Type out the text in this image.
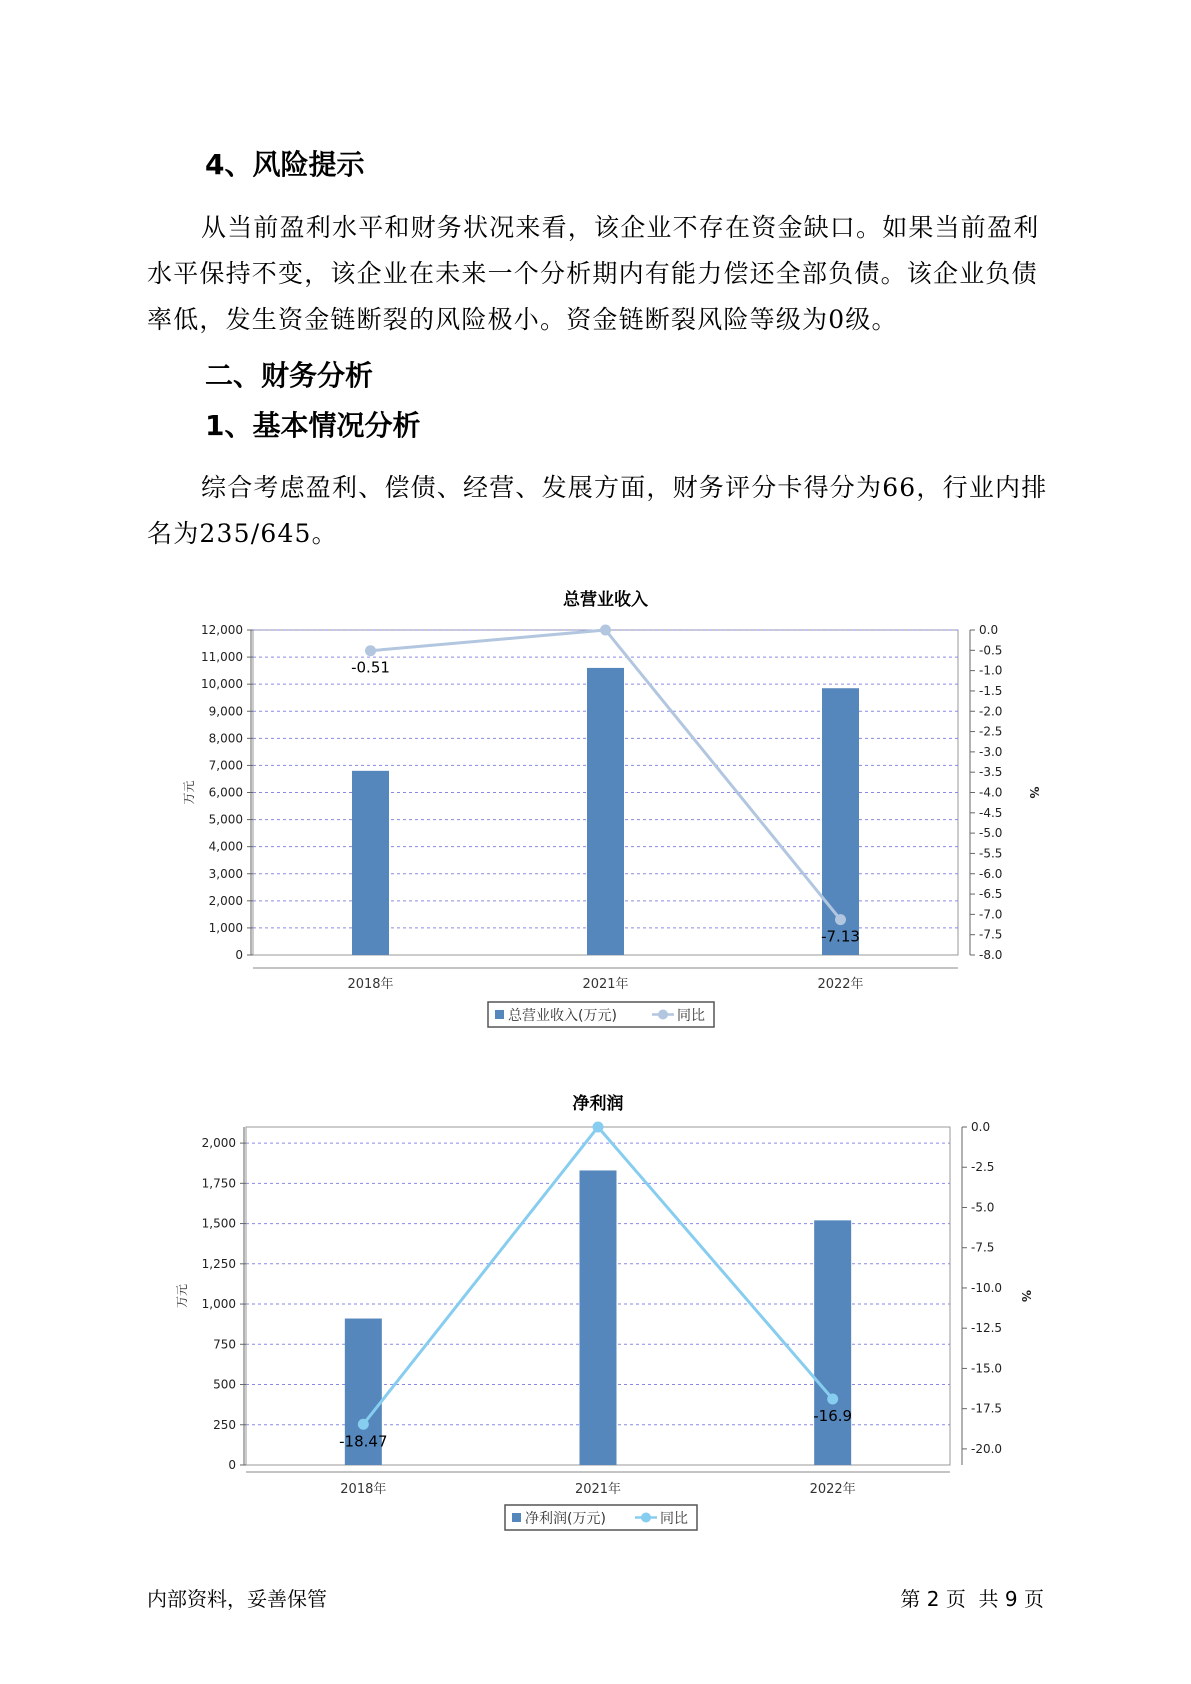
4、风险提示

从当前盈利水平和财务状况来看，该企业不存在资金缺口。如果当前盈利水平保持不变，该企业在未来一个分析期内有能力偿还全部负债。该企业负债率低，发生资金链断裂的风险极小。资金链断裂风险等级为0级。

二、财务分析
1、基本情况分析

综合考虑盈利、偿债、经营、发展方面，财务评分卡得分为66，行业内排名为235/645。

总营业收入
0
1,000
2,000
3,000
4,000
5,000
6,000
7,000
8,000
9,000
10,000
11,000
12,000	0.0
-0.5
-1.0
-1.5
-2.0
-2.5
-3.0
-3.5
-4.0
-4.5
-5.0
-5.5
-6.0
-6.5
-7.0
-7.5
-8.0
万元	%
2018年	2021年	2022年
-0.51
-7.13
总营业收入(万元)	同比
净利润
0
250
500
750
1,000
1,250
1,500
1,750
2,000
0.0
-2.5
-5.0
-7.5
-10.0
-12.5
-15.0
-17.5
-20.0
万元	%
2018年	2021年	2022年
-18.47
-16.9
净利润(万元)	同比
内部资料，妥善保管	第 2 页  共 9 页
